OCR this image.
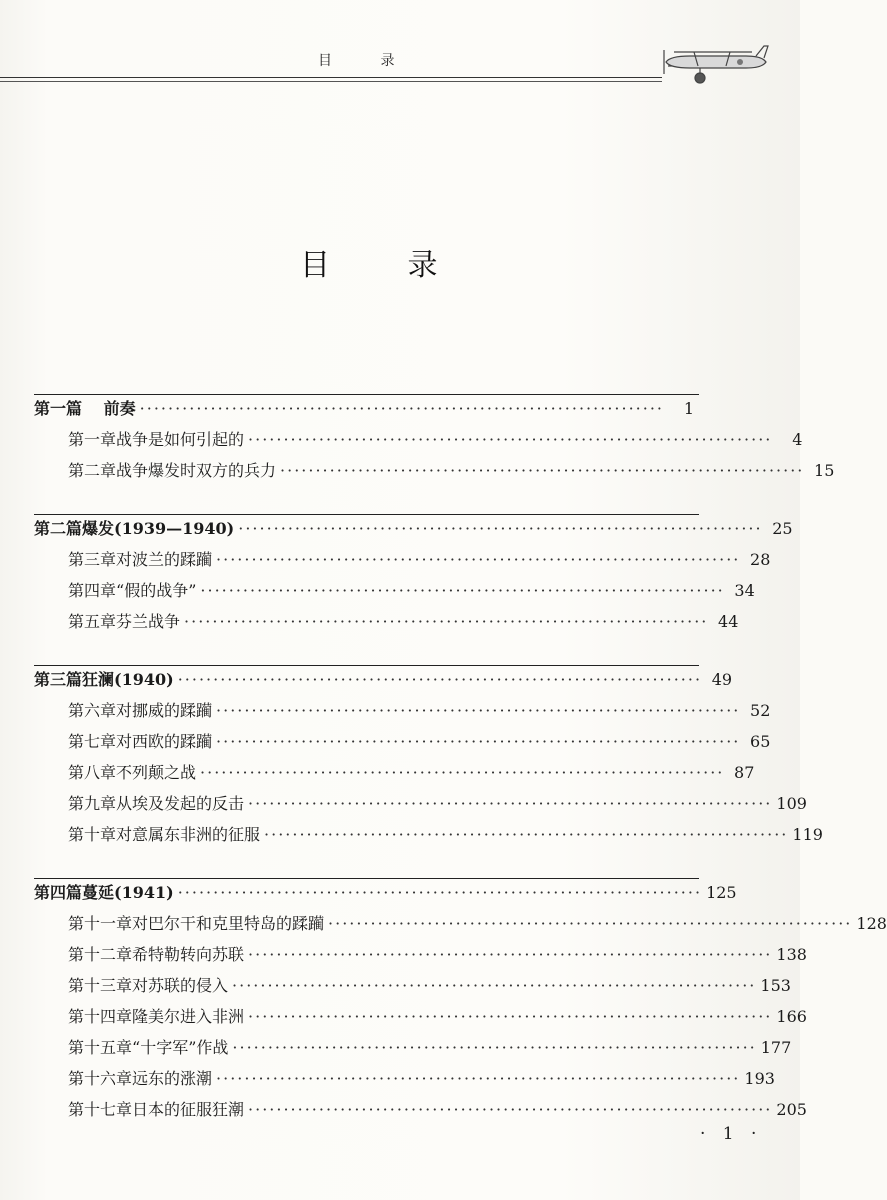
目 录
目 录
第一篇	前奏 ··········································································	1
第一章 战争是如何引起的 ··········································································	4
第二章 战争爆发时双方的兵力 ·········································································· 15
第二篇 爆发(1939—1940) ·········································································· 25
第三章 对波兰的蹂躏 ·········································································· 28
第四章 “假的战争” ·········································································· 34
第五章 芬兰战争 ·········································································· 44
第三篇 狂澜(1940) ·········································································· 49
第六章 对挪威的蹂躏 ·········································································· 52
第七章 对西欧的蹂躏 ·········································································· 65
第八章 不列颠之战 ·········································································· 87
第九章 从埃及发起的反击 ·········································································· 109
第十章 对意属东非洲的征服 ·········································································· 119
第四篇 蔓延(1941) ·········································································· 125
第十一章 对巴尔干和克里特岛的蹂躏 ·········································································· 128
第十二章 希特勒转向苏联 ·········································································· 138
第十三章 对苏联的侵入 ·········································································· 153
第十四章 隆美尔进入非洲 ·········································································· 166
第十五章 “十字军”作战 ·········································································· 177
第十六章 远东的涨潮 ·········································································· 193
第十七章 日本的征服狂潮 ·········································································· 205
· 1 ·
